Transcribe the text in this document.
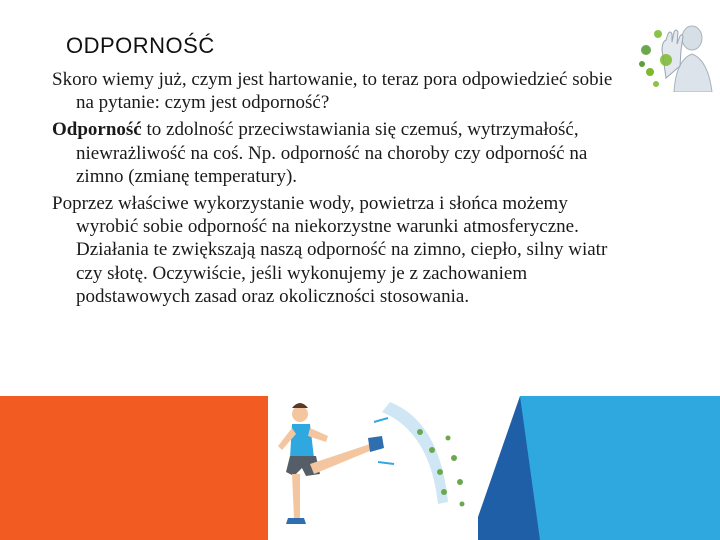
ODPORNOŚĆ

Skoro wiemy już, czym jest hartowanie, to teraz pora odpowiedzieć sobie na pytanie: czym jest odporność?

Odporność to zdolność przeciwstawiania się czemuś, wytrzymałość, niewrażliwość na coś. Np. odporność na choroby czy odporność na zimno (zmianę temperatury).

Poprzez właściwe wykorzystanie wody, powietrza i słońca możemy wyrobić sobie odporność na niekorzystne warunki atmosferyczne. Działania te zwiększają naszą odporność na zimno, ciepło, silny wiatr czy słotę. Oczywiście, jeśli wykonujemy je z zachowaniem podstawowych zasad oraz okoliczności stosowania.
